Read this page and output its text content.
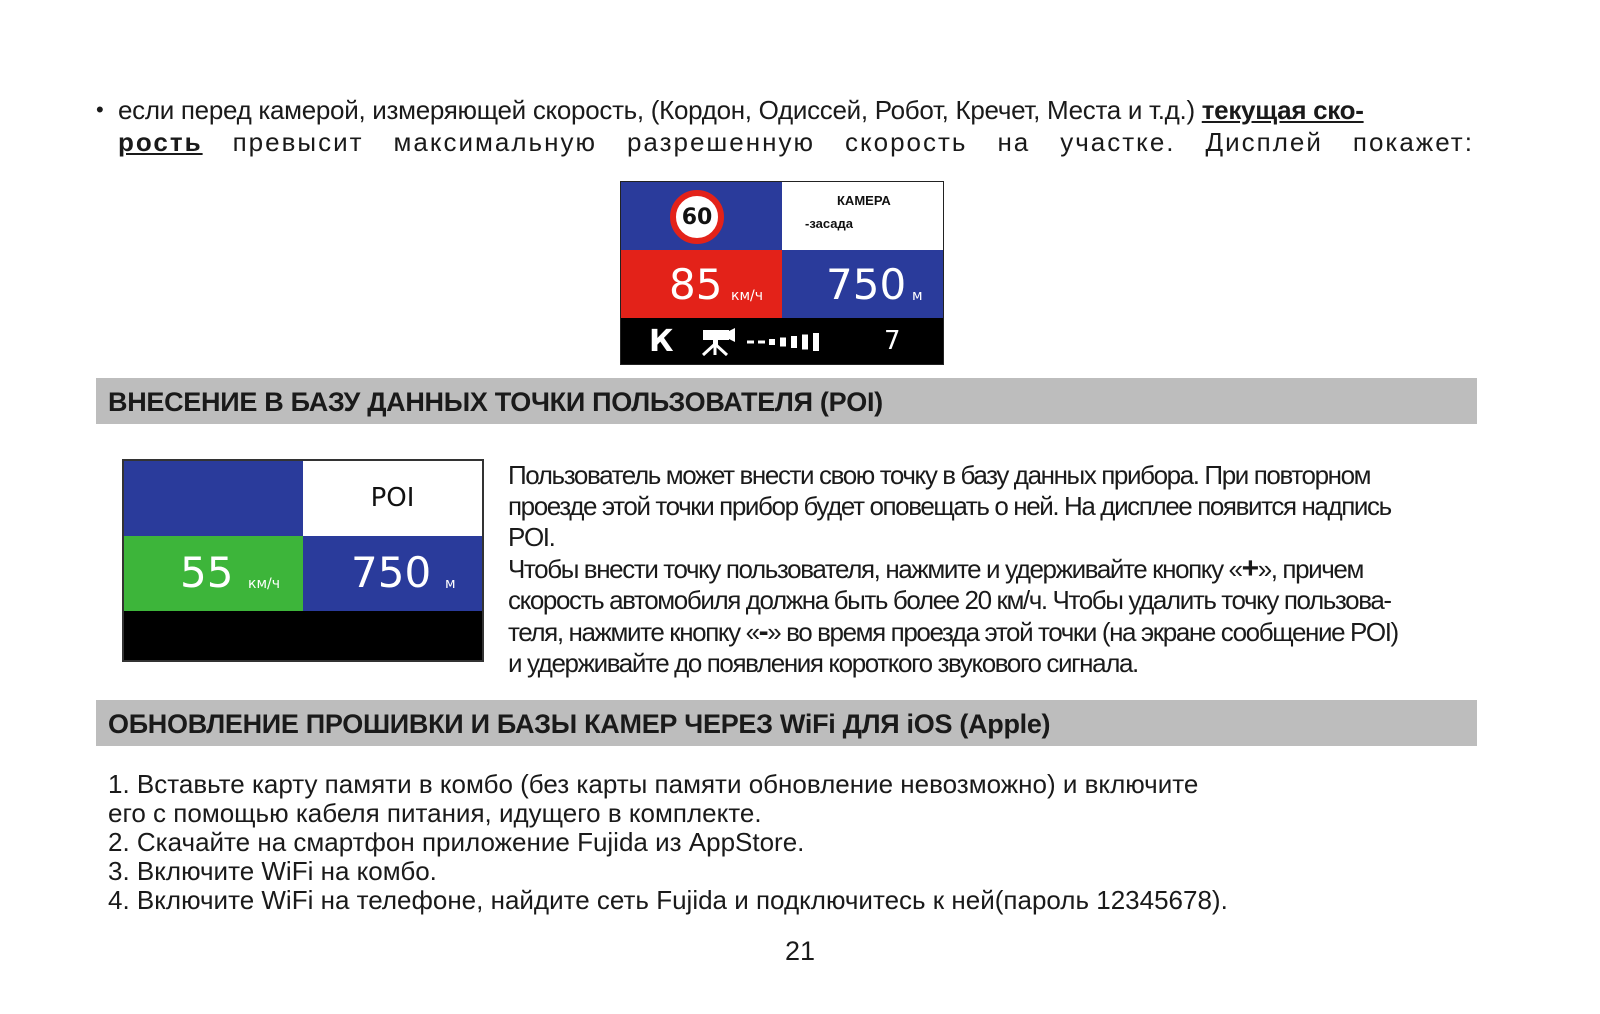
• если перед камерой, измеряющей скорость, (Кордон, Одиссей, Робот, Кречет, Места и т.д.) текущая ско-
рость превысит максимальную разрешенную скорость на участке. Дисплей покажет:
60
КАМЕРА
-засада
85 км/ч 750 м
К	7
ВНЕСЕНИЕ В БАЗУ ДАННЫХ ТОЧКИ ПОЛЬЗОВАТЕЛЯ (POI)
POI
55 км/ч 750 м

Пользователь может внести свою точку в базу данных прибора. При повторном

проезде этой точки прибор будет оповещать о ней. На дисплее появится надпись

POI.

Чтобы внести точку пользователя, нажмите и удерживайте кнопку «+», причем

скорость автомобиля должна быть более 20 км/ч. Чтобы удалить точку пользова-

теля, нажмите кнопку «-» во время проезда этой точки (на экране сообщение POI)

и удерживайте до появления короткого звукового сигнала.

ОБНОВЛЕНИЕ ПРОШИВКИ И БАЗЫ КАМЕР ЧЕРЕЗ WiFi ДЛЯ iOS (Apple)
1. Вставьте карту памяти в комбо (без карты памяти обновление невозможно) и включите
его с помощью кабеля питания, идущего в комплекте.
2. Скачайте на смартфон приложение Fujida из AppStore.
3. Включите WiFi на комбо.
4. Включите WiFi на телефоне, найдите сеть Fujida и подключитесь к ней(пароль 12345678).
21
